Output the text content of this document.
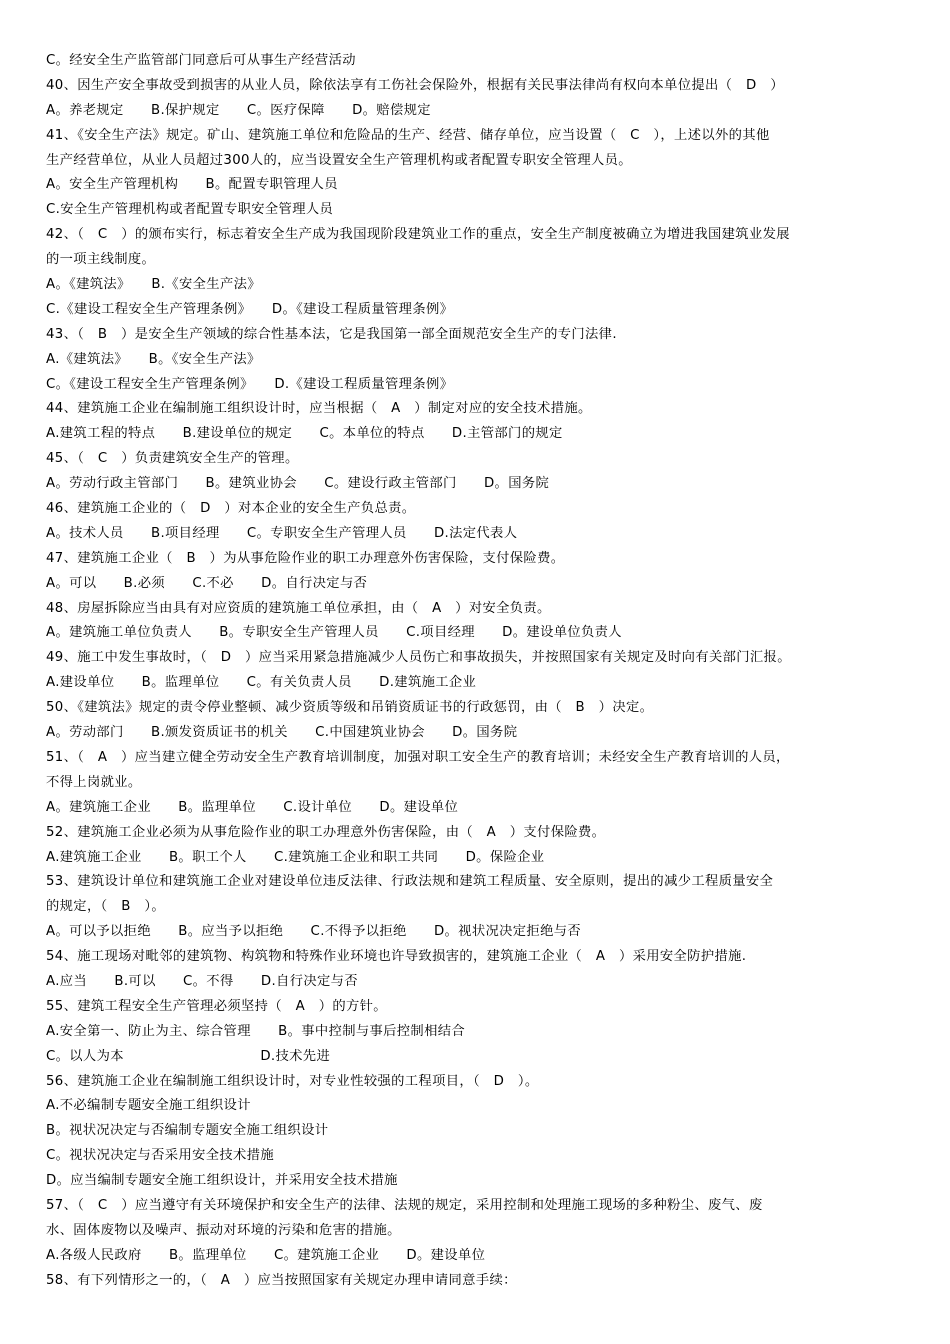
C。经安全生产监管部门同意后可从事生产经营活动
40、因生产安全事故受到损害的从业人员，除依法享有工伤社会保险外，根据有关民事法律尚有权向本单位提出（　D　）
A。养老规定　　B.保护规定　　C。医疗保障　　D。赔偿规定
41、《安全生产法》规定。矿山、建筑施工单位和危险品的生产、经营、储存单位，应当设置（　C　），上述以外的其他
生产经营单位，从业人员超过300人的，应当设置安全生产管理机构或者配置专职安全管理人员。
A。安全生产管理机构　　B。配置专职管理人员
C.安全生产管理机构或者配置专职安全管理人员
42、（　C　）的颁布实行，标志着安全生产成为我国现阶段建筑业工作的重点，安全生产制度被确立为增进我国建筑业发展
的一项主线制度。
A。《建筑法》　　B.《安全生产法》
C.《建设工程安全生产管理条例》　　D。《建设工程质量管理条例》
43、（　B　）是安全生产领域的综合性基本法，它是我国第一部全面规范安全生产的专门法律.
A.《建筑法》　　B。《安全生产法》
C。《建设工程安全生产管理条例》　　D.《建设工程质量管理条例》
44、建筑施工企业在编制施工组织设计时，应当根据（　A　）制定对应的安全技术措施。
A.建筑工程的特点　　B.建设单位的规定　　C。本单位的特点　　D.主管部门的规定
45、（　C　）负责建筑安全生产的管理。
A。劳动行政主管部门　　B。建筑业协会　　C。建设行政主管部门　　D。国务院
46、建筑施工企业的（　D　）对本企业的安全生产负总责。
A。技术人员　　B.项目经理　　C。专职安全生产管理人员　　D.法定代表人
47、建筑施工企业（　B　）为从事危险作业的职工办理意外伤害保险，支付保险费。
A。可以　　B.必须　　C.不必　　D。自行决定与否
48、房屋拆除应当由具有对应资质的建筑施工单位承担，由（　A　）对安全负责。
A。建筑施工单位负责人　　B。专职安全生产管理人员　　C.项目经理　　D。建设单位负责人
49、施工中发生事故时，（　D　）应当采用紧急措施减少人员伤亡和事故损失，并按照国家有关规定及时向有关部门汇报。
A.建设单位　　B。监理单位　　C。有关负责人员　　D.建筑施工企业
50、《建筑法》规定的责令停业整顿、减少资质等级和吊销资质证书的行政惩罚，由（　B　）决定。
A。劳动部门　　B.颁发资质证书的机关　　C.中国建筑业协会　　D。国务院
51、（　A　）应当建立健全劳动安全生产教育培训制度，加强对职工安全生产的教育培训；未经安全生产教育培训的人员，
不得上岗就业。
A。建筑施工企业　　B。监理单位　　C.设计单位　　D。建设单位
52、建筑施工企业必须为从事危险作业的职工办理意外伤害保险，由（　A　）支付保险费。
A.建筑施工企业　　B。职工个人　　C.建筑施工企业和职工共同　　D。保险企业
53、建筑设计单位和建筑施工企业对建设单位违反法律、行政法规和建筑工程质量、安全原则，提出的减少工程质量安全
的规定，（　B　）。
A。可以予以拒绝　　B。应当予以拒绝　　C.不得予以拒绝　　D。视状况决定拒绝与否
54、施工现场对毗邻的建筑物、构筑物和特殊作业环境也许导致损害的，建筑施工企业（　A　）采用安全防护措施.
A.应当　　B.可以　　C。不得　　D.自行决定与否
55、建筑工程安全生产管理必须坚持（　A　）的方针。
A.安全第一、防止为主、综合管理　　B。事中控制与事后控制相结合
C。以人为本　　　　　　　　　　D.技术先进
56、建筑施工企业在编制施工组织设计时，对专业性较强的工程项目，（　D　）。
A.不必编制专题安全施工组织设计
B。视状况决定与否编制专题安全施工组织设计
C。视状况决定与否采用安全技术措施
D。应当编制专题安全施工组织设计，并采用安全技术措施
57、（　C　）应当遵守有关环境保护和安全生产的法律、法规的规定，采用控制和处理施工现场的多种粉尘、废气、废
水、固体废物以及噪声、振动对环境的污染和危害的措施。
A.各级人民政府　　B。监理单位　　C。建筑施工企业　　D。建设单位
58、有下列情形之一的，（　A　）应当按照国家有关规定办理申请同意手续：
